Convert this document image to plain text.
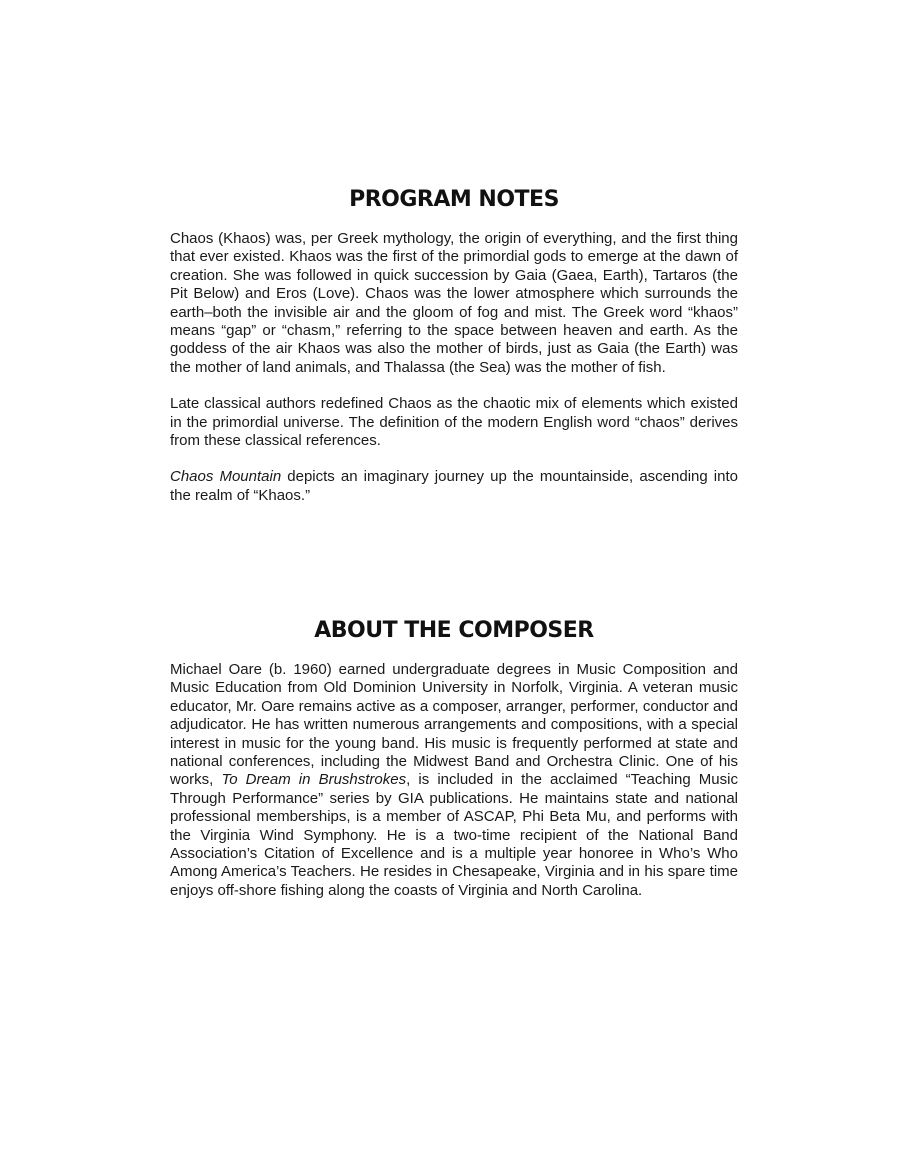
PROGRAM NOTES

Chaos (Khaos) was, per Greek mythology, the origin of everything, and the first thing that ever existed. Khaos was the first of the primordial gods to emerge at the dawn of creation. She was followed in quick succession by Gaia (Gaea, Earth), Tartaros (the Pit Below) and Eros (Love). Chaos was the lower atmosphere which surrounds the earth–both the invisible air and the gloom of fog and mist. The Greek word “khaos” means “gap” or “chasm,” referring to the space between heaven and earth. As the goddess of the air Khaos was also the mother of birds, just as Gaia (the Earth) was the mother of land animals, and Thalassa (the Sea) was the mother of fish.

Late classical authors redefined Chaos as the chaotic mix of elements which existed in the primordial universe. The definition of the modern English word “chaos” derives from these classical references.

Chaos Mountain depicts an imaginary journey up the mountainside, ascending into the realm of “Khaos.”

ABOUT THE COMPOSER

Michael Oare (b. 1960) earned undergraduate degrees in Music Composition and Music Education from Old Dominion University in Norfolk, Virginia. A veteran music educator, Mr. Oare remains active as a composer, arranger, performer, conductor and adjudicator. He has written numerous arrangements and compositions, with a special interest in music for the young band. His music is frequently performed at state and national conferences, including the Midwest Band and Orchestra Clinic. One of his works, To Dream in Brushstrokes, is included in the acclaimed “Teaching Music Through Performance” series by GIA publications. He maintains state and national professional memberships, is a member of ASCAP, Phi Beta Mu, and performs with the Virginia Wind Symphony. He is a two-time recipient of the National Band Association’s Citation of Excellence and is a multiple year honoree in Who’s Who Among America’s Teachers. He resides in Chesapeake, Virginia and in his spare time enjoys off-shore fishing along the coasts of Virginia and North Carolina.
